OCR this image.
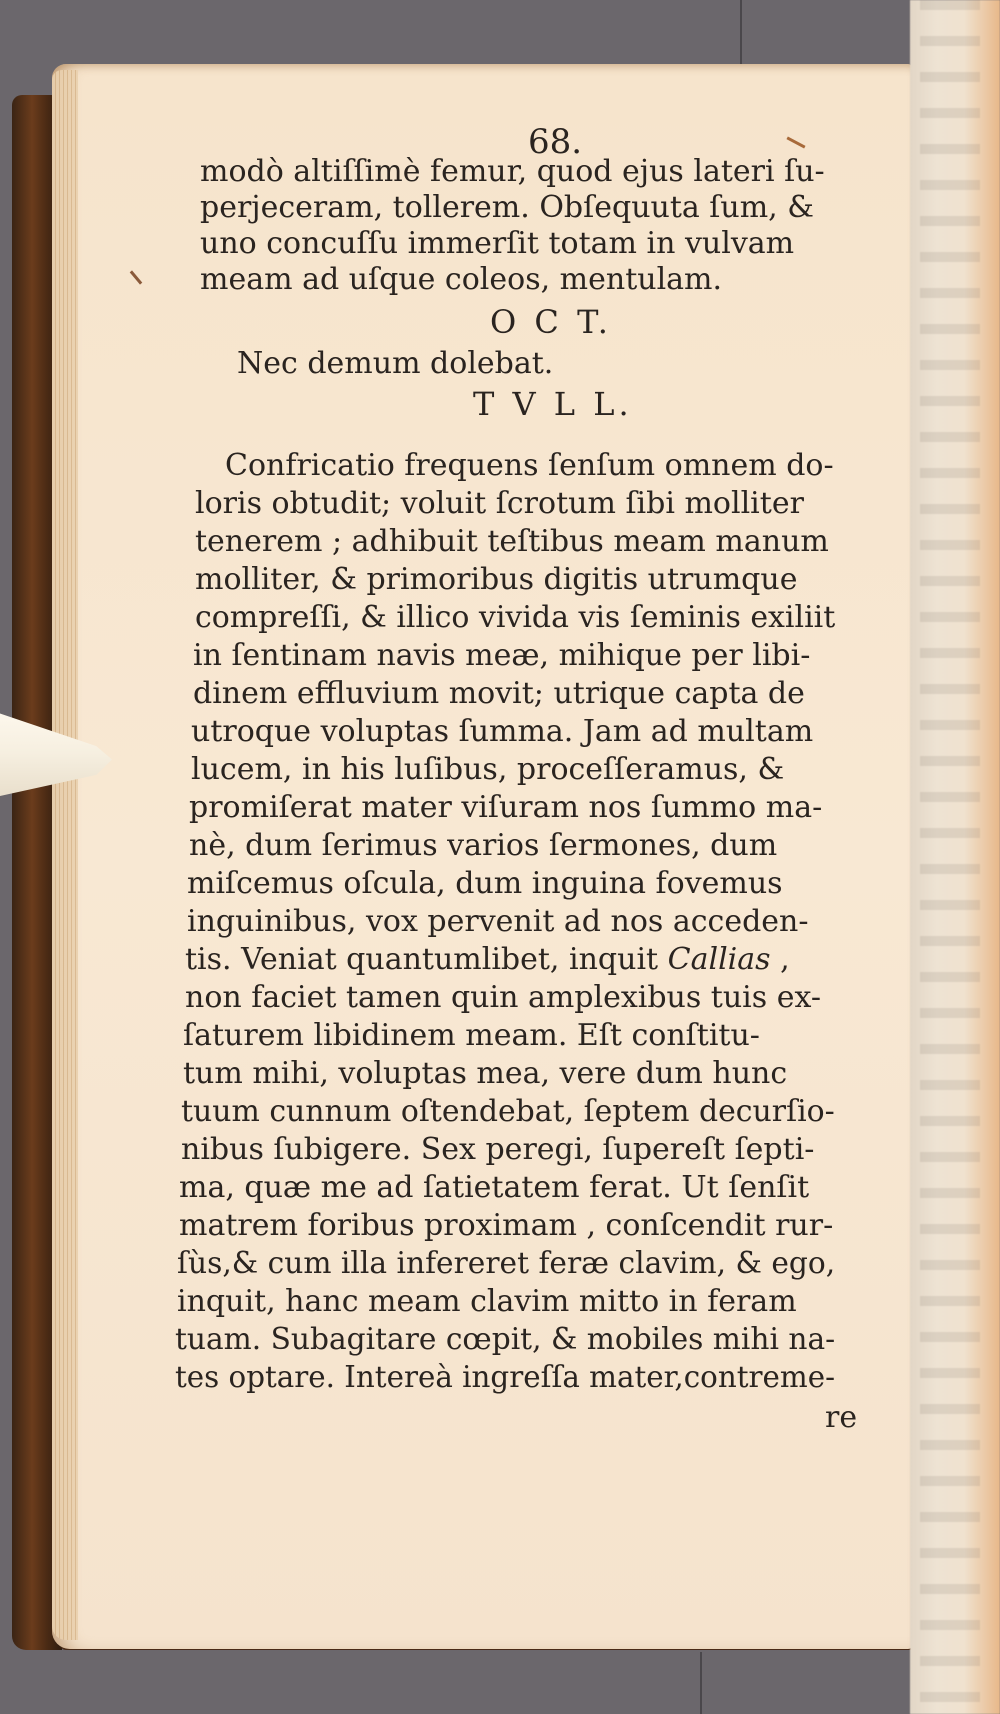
68.
modò altiſſimè femur, quod ejus lateri ſu-
perjeceram, tollerem. Obſequuta ſum, &
uno concuſſu immerſit totam in vulvam
meam ad uſque coleos, mentulam.
O C T.
Nec demum dolebat.
T V L L.
Confricatio frequens ſenſum omnem do-
loris obtudit; voluit ſcrotum ſibi molliter
tenerem ; adhibuit teſtibus meam manum
molliter, & primoribus digitis utrumque
compreſſi, & illico vivida vis ſeminis exiliit
in ſentinam navis meæ, mihique per libi-
dinem effluvium movit; utrique capta de
utroque voluptas ſumma. Jam ad multam
lucem, in his luſibus, proceſſeramus, &
promiſerat mater viſuram nos ſummo ma-
nè, dum ſerimus varios ſermones, dum
miſcemus oſcula, dum inguina fovemus
inguinibus, vox pervenit ad nos acceden-
tis. Veniat quantumlibet, inquit Callias ,
non faciet tamen quin amplexibus tuis ex-
ſaturem libidinem meam. Eſt conſtitu-
tum mihi, voluptas mea, vere dum hunc
tuum cunnum oſtendebat, ſeptem decurſio-
nibus ſubigere. Sex peregi, ſupereſt ſepti-
ma, quæ me ad ſatietatem ferat. Ut ſenſit
matrem foribus proximam , conſcendit rur-
ſùs,& cum illa infereret feræ clavim, & ego,
inquit, hanc meam clavim mitto in feram
tuam. Subagitare cœpit, & mobiles mihi na-
tes optare. Intereà ingreſſa mater,contreme-
re
